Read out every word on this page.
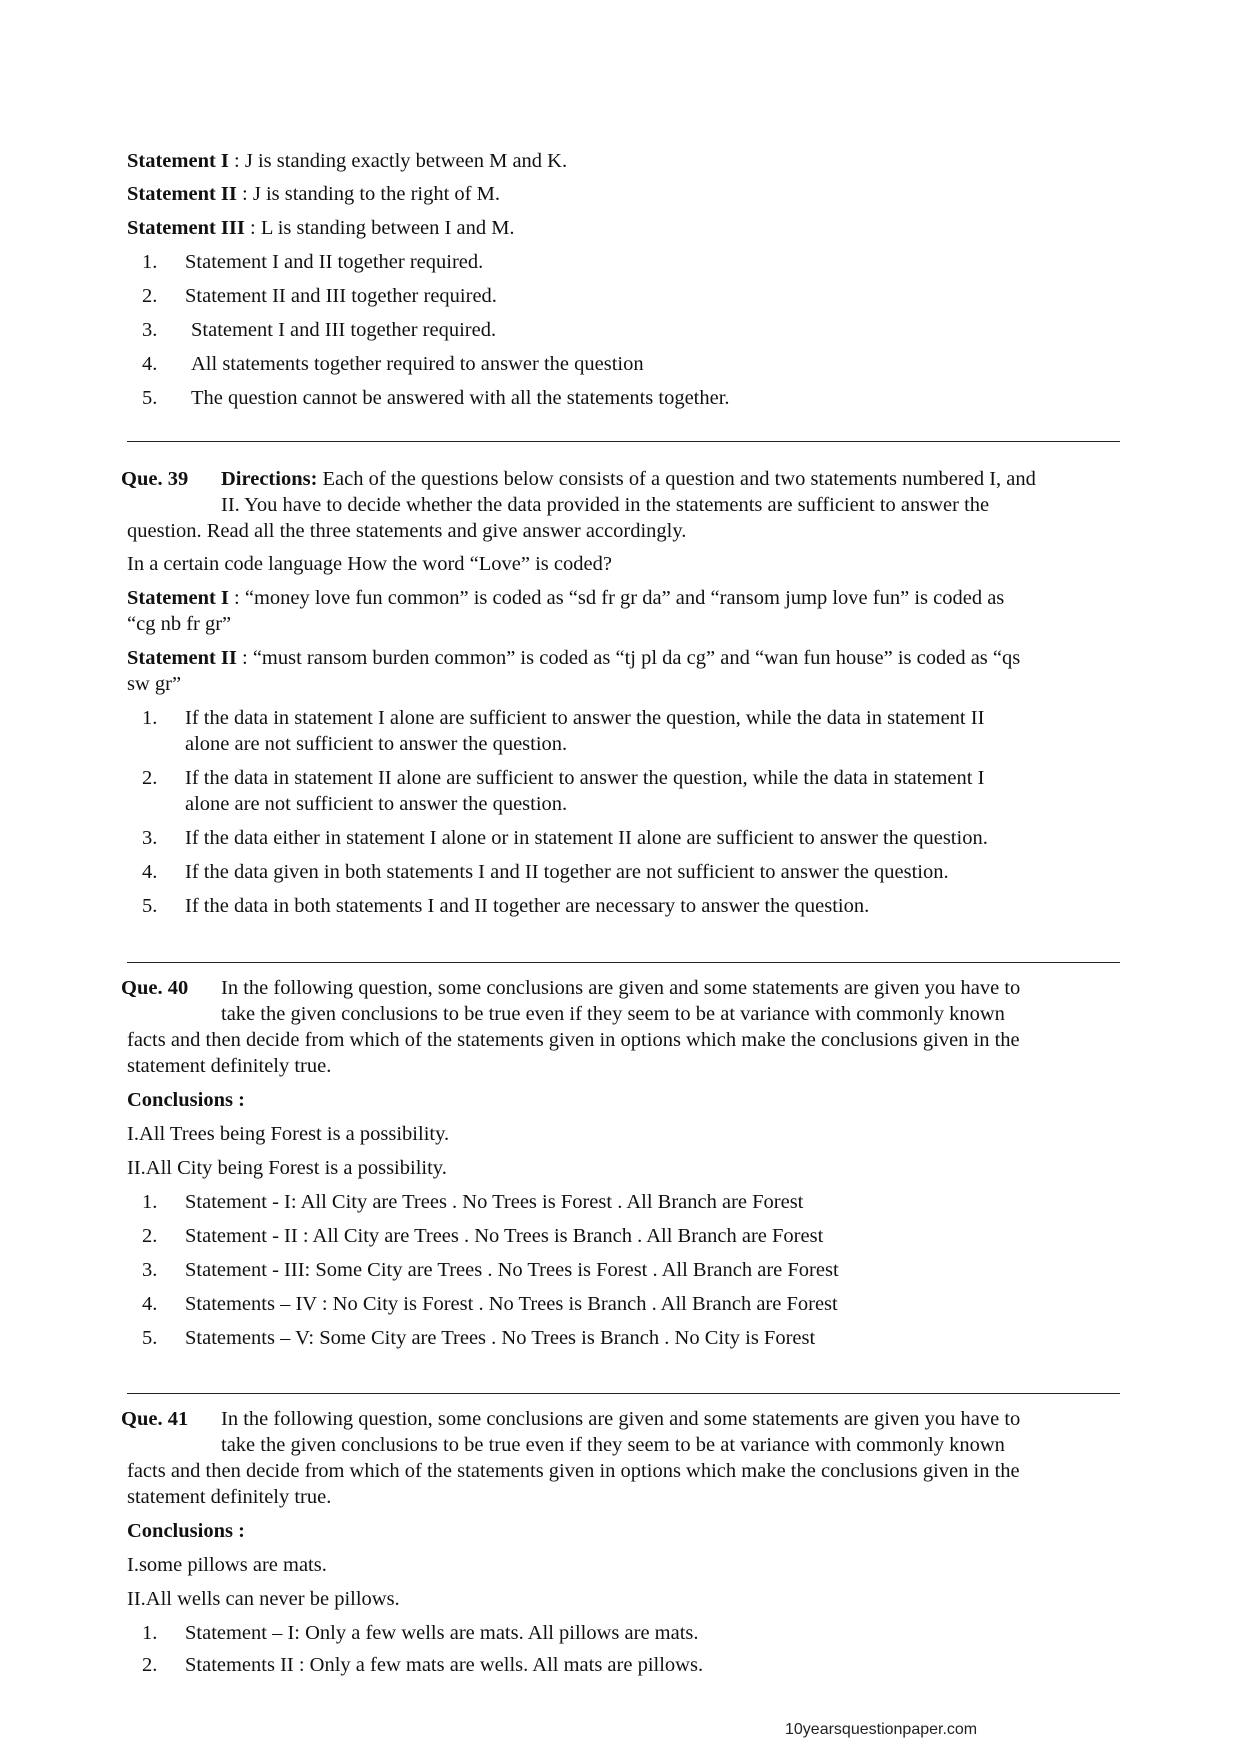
Statement I : J is standing exactly between M and K.
Statement II : J is standing to the right of M.
Statement III : L is standing between I and M.
1. Statement I and II together required.
2. Statement II and III together required.
3. Statement I and III together required.
4. All statements together required to answer the question
5. The question cannot be answered with all the statements together.
Que. 39 Directions: Each of the questions below consists of a question and two statements numbered I, and
II. You have to decide whether the data provided in the statements are sufficient to answer the
question. Read all the three statements and give answer accordingly.
In a certain code language How the word “Love” is coded?
Statement I : “money love fun common” is coded as “sd fr gr da” and “ransom jump love fun” is coded as
“cg nb fr gr”
Statement II : “must ransom burden common” is coded as “tj pl da cg” and “wan fun house” is coded as “qs
sw gr”
1. If the data in statement I alone are sufficient to answer the question, while the data in statement II
alone are not sufficient to answer the question.
2. If the data in statement II alone are sufficient to answer the question, while the data in statement I
alone are not sufficient to answer the question.
3. If the data either in statement I alone or in statement II alone are sufficient to answer the question.
4. If the data given in both statements I and II together are not sufficient to answer the question.
5. If the data in both statements I and II together are necessary to answer the question.
Que. 40 In the following question, some conclusions are given and some statements are given you have to
take the given conclusions to be true even if they seem to be at variance with commonly known
facts and then decide from which of the statements given in options which make the conclusions given in the
statement definitely true.
Conclusions :
I.All Trees being Forest is a possibility.
II.All City being Forest is a possibility.
1. Statement - I: All City are Trees . No Trees is Forest . All Branch are Forest
2. Statement - II : All City are Trees . No Trees is Branch . All Branch are Forest
3. Statement - III: Some City are Trees . No Trees is Forest . All Branch are Forest
4. Statements – IV : No City is Forest . No Trees is Branch . All Branch are Forest
5. Statements – V: Some City are Trees . No Trees is Branch . No City is Forest
Que. 41 In the following question, some conclusions are given and some statements are given you have to
take the given conclusions to be true even if they seem to be at variance with commonly known
facts and then decide from which of the statements given in options which make the conclusions given in the
statement definitely true.
Conclusions :
I.some pillows are mats.
II.All wells can never be pillows.
1. Statement – I: Only a few wells are mats. All pillows are mats.
2. Statements II : Only a few mats are wells. All mats are pillows.
10yearsquestionpaper.com
